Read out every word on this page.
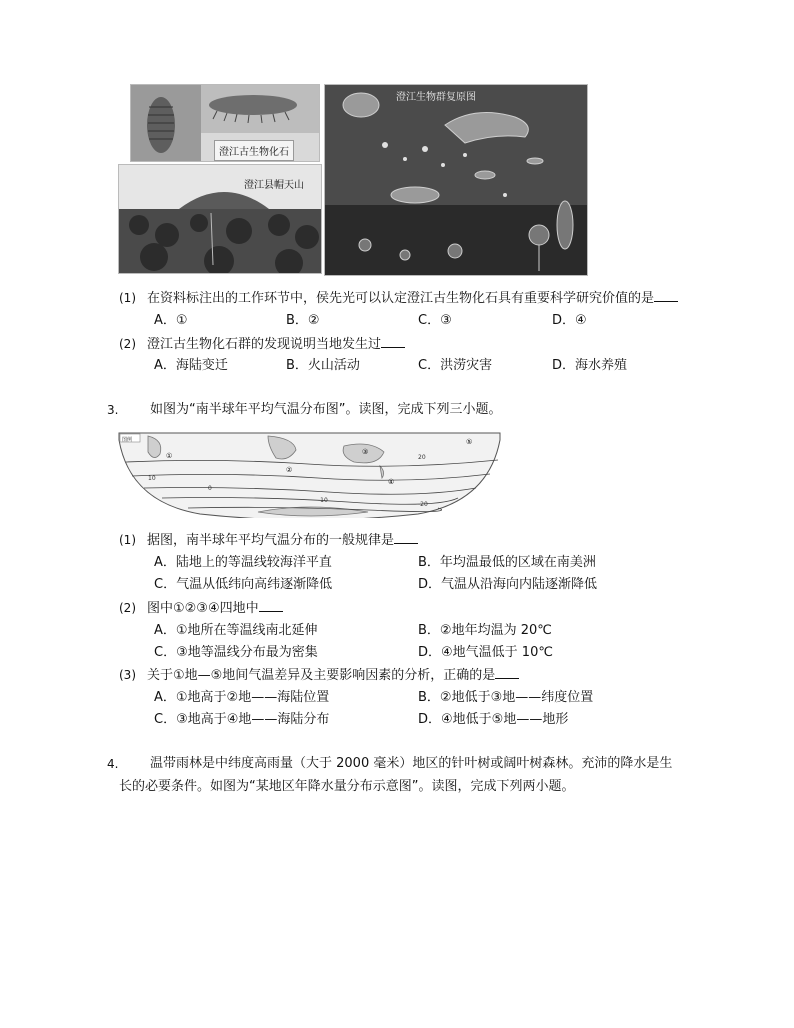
澄江古生物化石
澄江县帽天山
澄江生物群复原图
(1) 在资料标注出的工作环节中，侯先光可以认定澄江古生物化石具有重要科学研究价值的是
A．①	B．②	C．③	D．④
(2) 澄江古生物化石群的发现说明当地发生过
A．海陆变迁	B．火山活动	C．洪涝灾害	D．海水养殖
3. 如图为“南半球年平均气温分布图”。读图，完成下列三小题。
图例
20
10
0
-10
-20
①
②
③
④
⑤
(1) 据图，南半球年平均气温分布的一般规律是
A．陆地上的等温线较海洋平直	B．年均温最低的区域在南美洲
C．气温从低纬向高纬逐渐降低	D．气温从沿海向内陆逐渐降低
(2) 图中①②③④四地中
A．①地所在等温线南北延伸	B．②地年均温为 20℃
C．③地等温线分布最为密集	D．④地气温低于 10℃
(3) 关于①地—⑤地间气温差异及主要影响因素的分析，正确的是
A．①地高于②地——海陆位置	B．②地低于③地——纬度位置
C．③地高于④地——海陆分布	D．④地低于⑤地——地形
4. 温带雨林是中纬度高雨量（大于 2000 毫米）地区的针叶树或阔叶树森林。充沛的降水是生
长的必要条件。如图为“某地区年降水量分布示意图”。读图，完成下列两小题。
